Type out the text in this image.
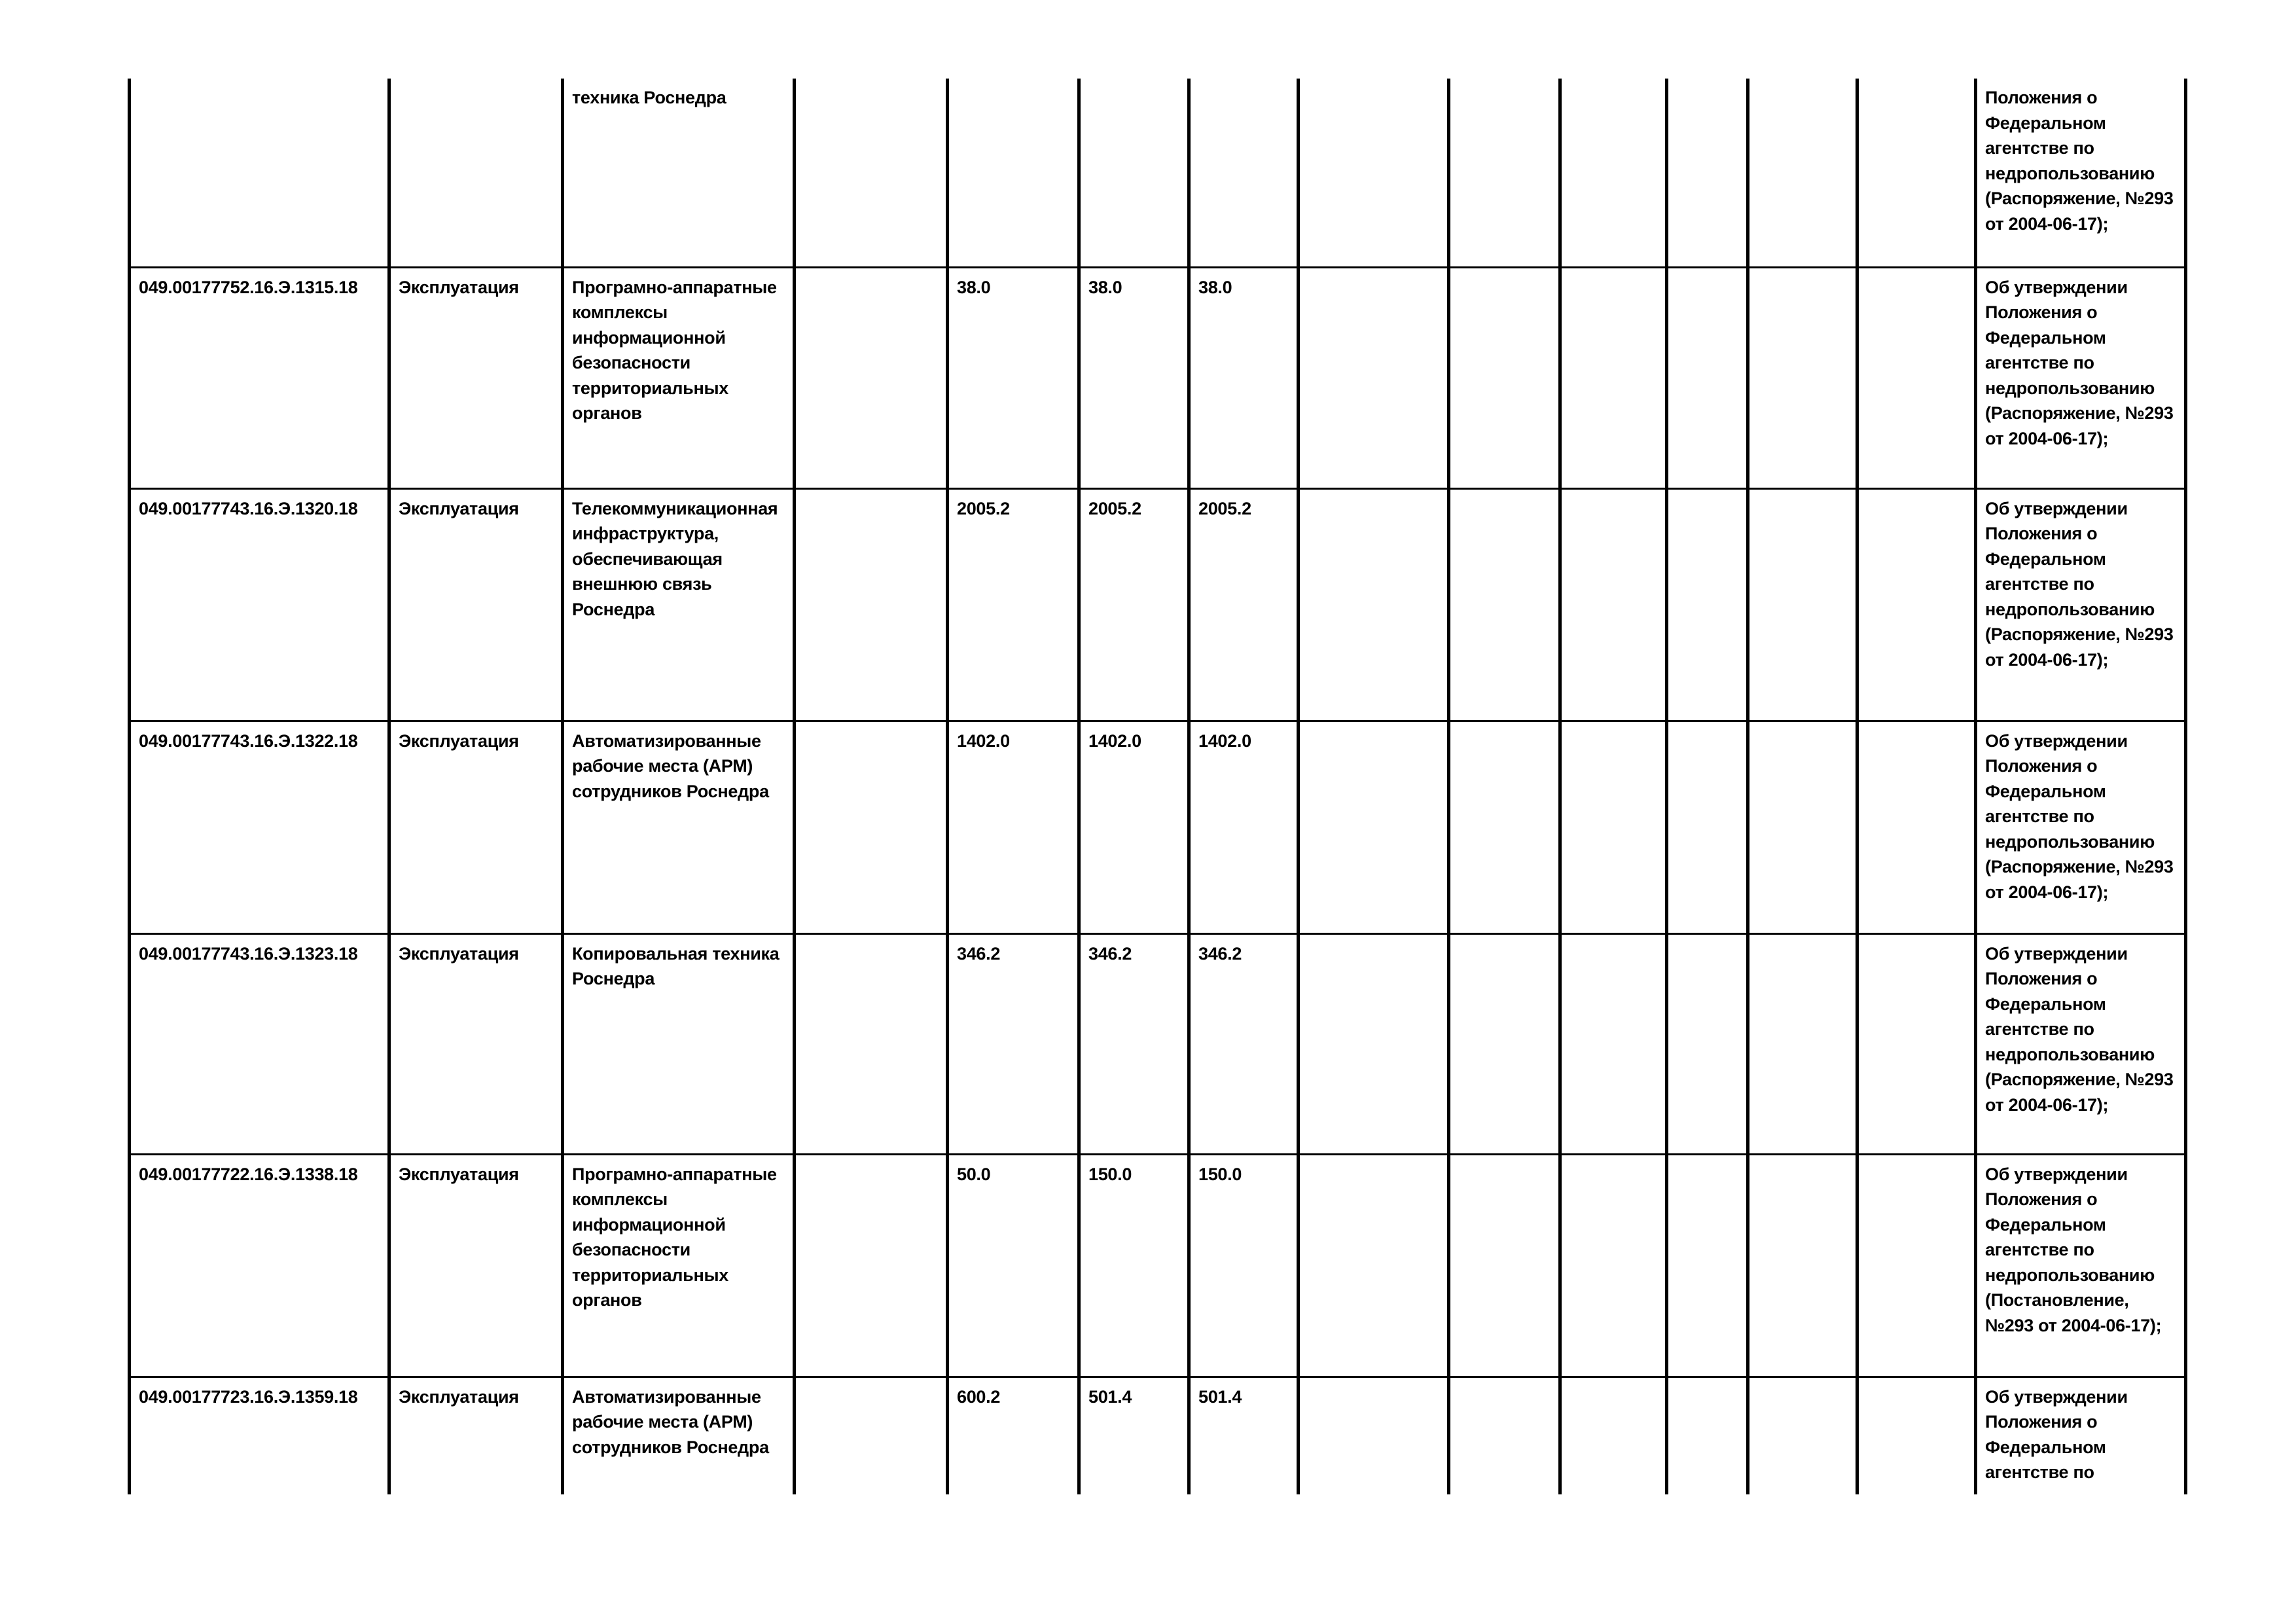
		техника Роснедра											Положения о Федеральном агентстве по недропользованию (Распоряжение, №293 от 2004-06-17);
049.00177752.16.Э.1315.18	Эксплуатация	Програмно-аппаратные комплексы информационной безопасности территориальных органов		38.0	38.0	38.0							Об утверждении Положения о Федеральном агентстве по недропользованию (Распоряжение, №293 от 2004-06-17);
049.00177743.16.Э.1320.18	Эксплуатация	Телекоммуникационная инфраструктура, обеспечивающая внешнюю связь Роснедра		2005.2	2005.2	2005.2							Об утверждении Положения о Федеральном агентстве по недропользованию (Распоряжение, №293 от 2004-06-17);
049.00177743.16.Э.1322.18	Эксплуатация	Автоматизированные рабочие места (АРМ) сотрудников Роснедра		1402.0	1402.0	1402.0							Об утверждении Положения о Федеральном агентстве по недропользованию (Распоряжение, №293 от 2004-06-17);
049.00177743.16.Э.1323.18	Эксплуатация	Копировальная техника Роснедра		346.2	346.2	346.2							Об утверждении Положения о Федеральном агентстве по недропользованию (Распоряжение, №293 от 2004-06-17);
049.00177722.16.Э.1338.18	Эксплуатация	Програмно-аппаратные комплексы информационной безопасности территориальных органов		50.0	150.0	150.0							Об утверждении Положения о Федеральном агентстве по недропользованию (Постановление, №293 от 2004-06-17);
049.00177723.16.Э.1359.18	Эксплуатация	Автоматизированные рабочие места (АРМ) сотрудников Роснедра		600.2	501.4	501.4							Об утверждении Положения о Федеральном агентстве по
